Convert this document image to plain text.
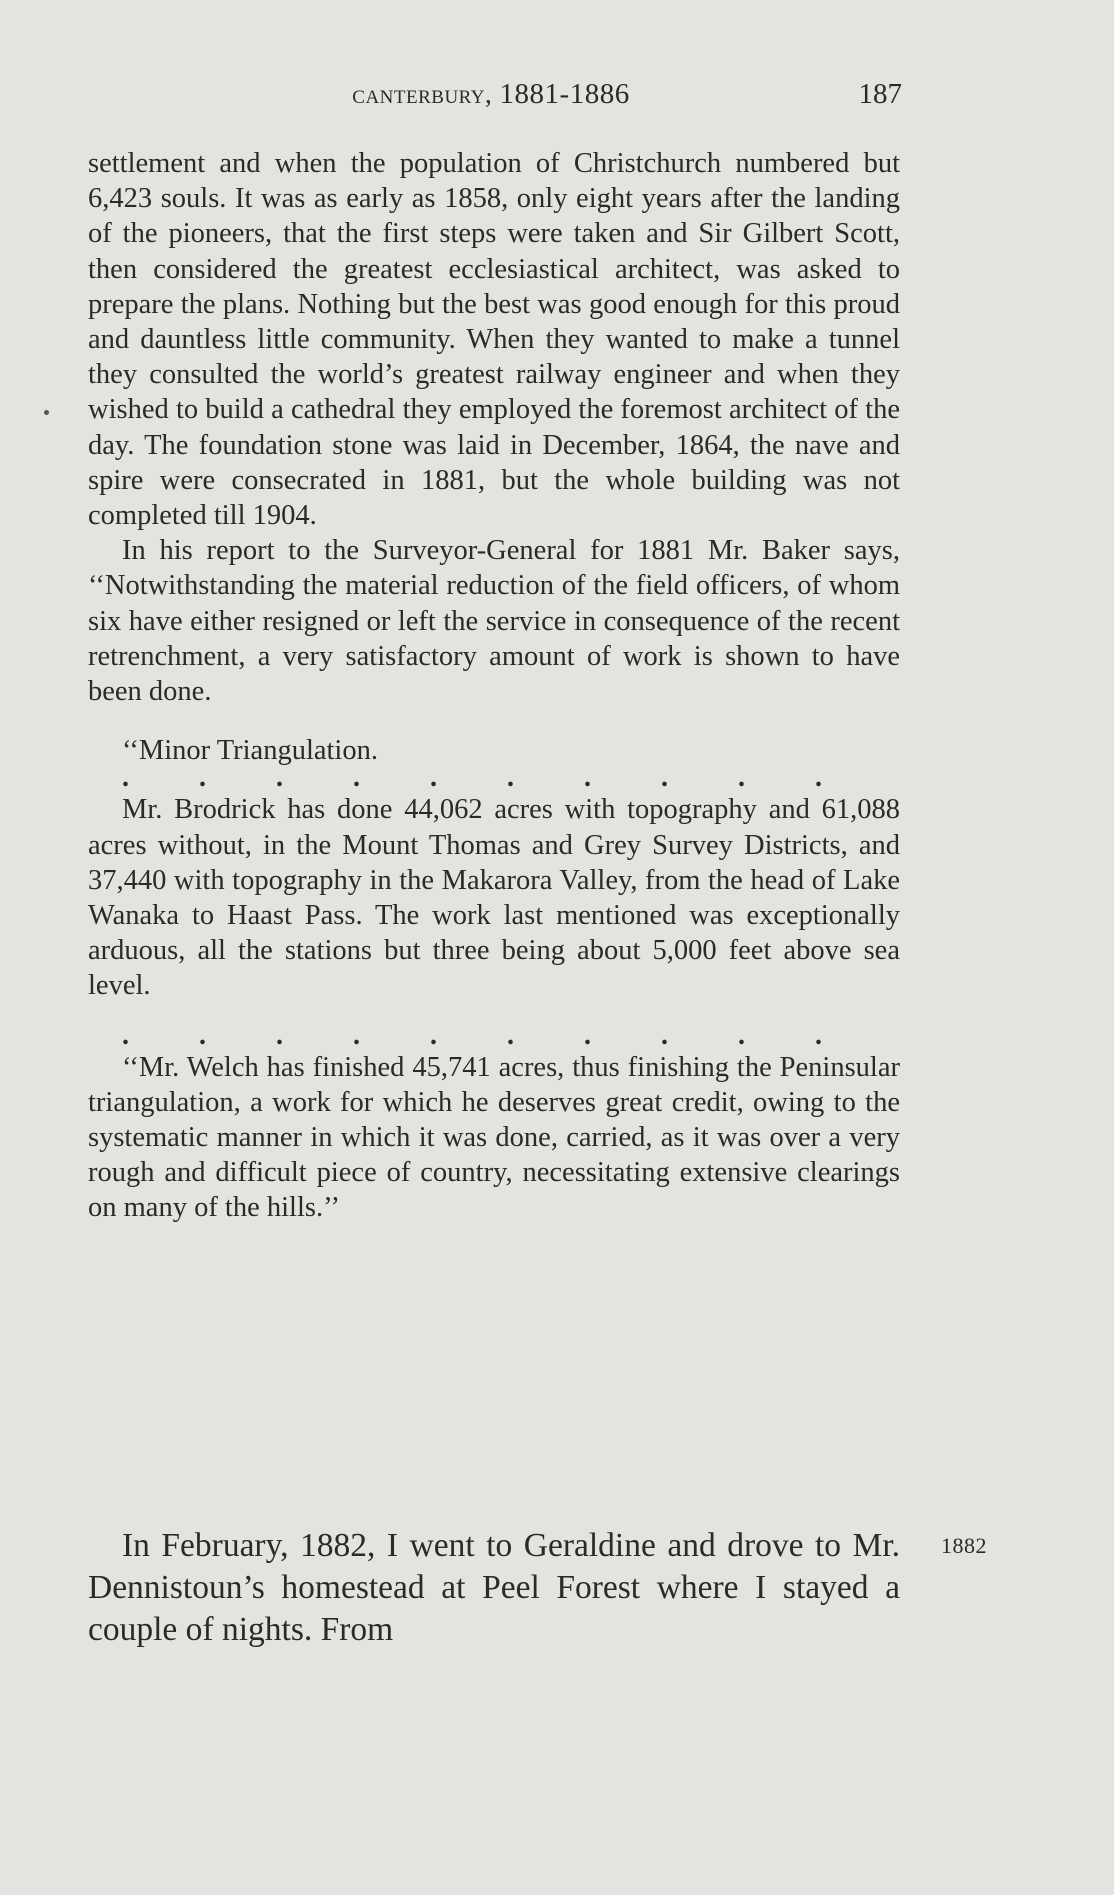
canterbury, 1881-1886	187

settlement and when the population of Christchurch numbered but 6,423 souls. It was as early as 1858, only eight years after the landing of the pioneers, that the first steps were taken and Sir Gilbert Scott, then considered the greatest ecclesiastical architect, was asked to prepare the plans. Nothing but the best was good enough for this proud and dauntless little community. When they wanted to make a tunnel they consulted the world’s greatest railway engineer and when they wished to build a cathedral they employed the foremost architect of the day. The foundation stone was laid in December, 1864, the nave and spire were consecrated in 1881, but the whole building was not completed till 1904.

In his report to the Surveyor-General for 1881 Mr. Baker says, ‘‘Notwithstanding the material reduction of the field officers, of whom six have either resigned or left the service in consequence of the recent retrenchment, a very satisfactory amount of work is shown to have been done.

‘‘Minor Triangulation.

.	.	.	.	.	.	.	.	.	.

Mr. Brodrick has done 44,062 acres with topography and 61,088 acres without, in the Mount Thomas and Grey Survey Districts, and 37,440 with topography in the Makarora Valley, from the head of Lake Wanaka to Haast Pass. The work last mentioned was exceptionally arduous, all the stations but three being about 5,000 feet above sea level.

.	.	.	.	.	.	.	.	.	.

‘‘Mr. Welch has finished 45,741 acres, thus finishing the Peninsular triangulation, a work for which he deserves great credit, owing to the systematic manner in which it was done, carried, as it was over a very rough and difficult piece of country, necessitating extensive clearings on many of the hills.’’

In February, 1882, I went to Geraldine and drove to Mr. Dennistoun’s homestead at Peel Forest where I stayed a couple of nights. From

1882
